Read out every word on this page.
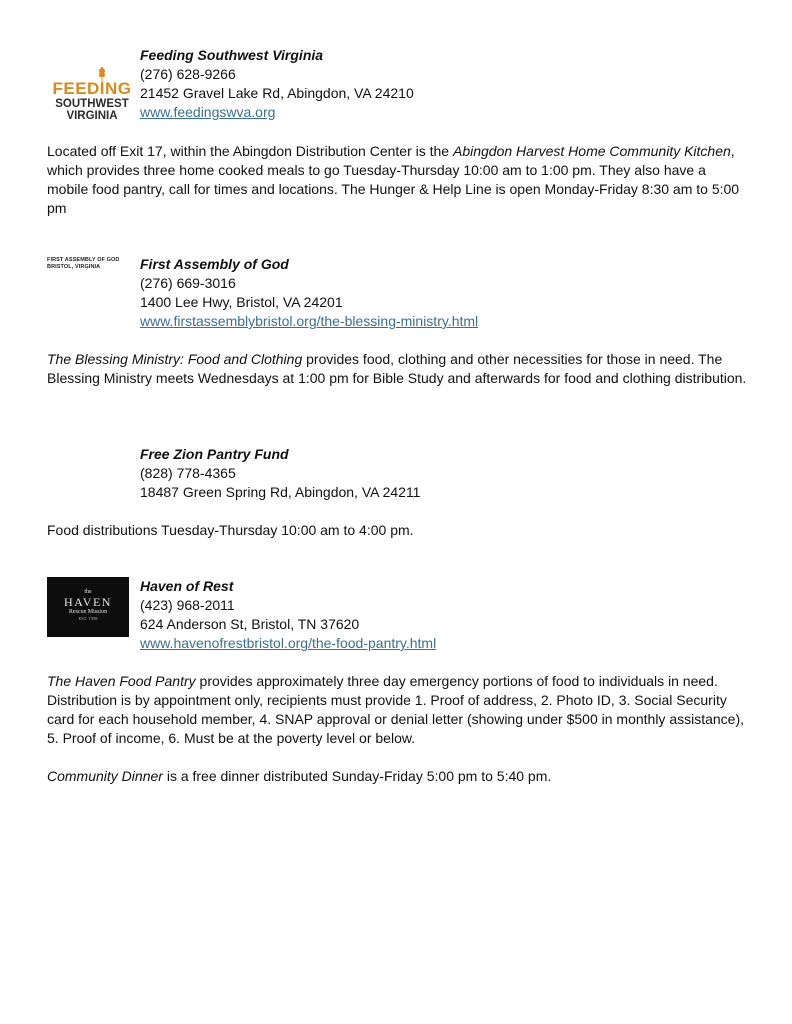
FEEDING
SOUTHWEST
VIRGINIA
Feeding Southwest Virginia
(276) 628-9266
21452 Gravel Lake Rd, Abingdon, VA 24210
www.feedingswva.org
Located off Exit 17, within the Abingdon Distribution Center is the Abingdon Harvest Home Community Kitchen, which provides three home cooked meals to go Tuesday-Thursday 10:00 am to 1:00 pm. They also have a mobile food pantry, call for times and locations. The Hunger & Help Line is open Monday-Friday 8:30 am to 5:00 pm
FIRST ASSEMBLY OF GOD
BRISTOL, VIRGINIA	First Assembly of God
(276) 669-3016
1400 Lee Hwy, Bristol, VA 24201
www.firstassemblybristol.org/the-blessing-ministry.html
The Blessing Ministry: Food and Clothing provides food, clothing and other necessities for those in need. The Blessing Ministry meets Wednesdays at 1:00 pm for Bible Study and afterwards for food and clothing distribution.
Free Zion Pantry Fund
(828) 778-4365
18487 Green Spring Rd, Abingdon, VA 24211
Food distributions Tuesday-Thursday 10:00 am to 4:00 pm.
the
HAVEN
Rescue Mission
EST. 1958
Haven of Rest
(423) 968-2011
624 Anderson St, Bristol, TN 37620
www.havenofrestbristol.org/the-food-pantry.html
The Haven Food Pantry provides approximately three day emergency portions of food to individuals in need. Distribution is by appointment only, recipients must provide 1. Proof of address, 2. Photo ID, 3. Social Security card for each household member, 4. SNAP approval or denial letter (showing under $500 in monthly assistance), 5. Proof of income, 6. Must be at the poverty level or below.
Community Dinner is a free dinner distributed Sunday-Friday 5:00 pm to 5:40 pm.
